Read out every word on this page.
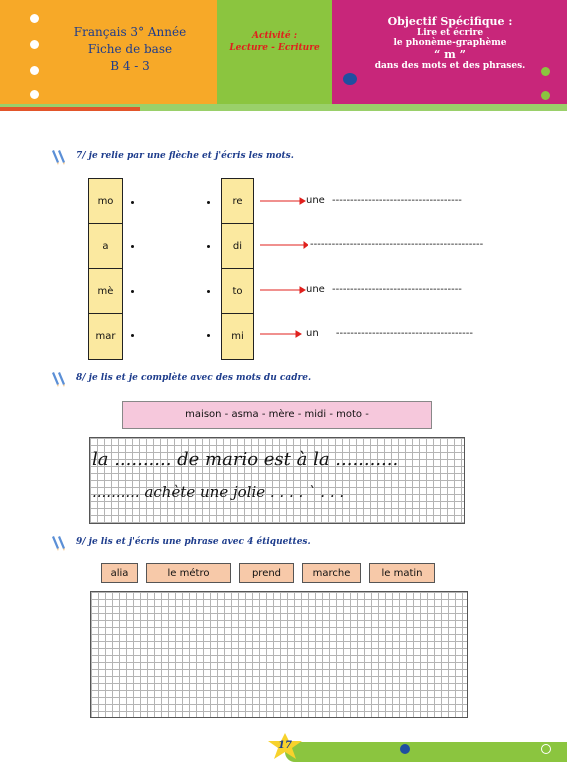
Français 3° Année
Fiche de base
B 4 - 3
Activité :
Lecture - Ecriture
Objectif Spécifique :
Lire et écrire
le phonème-graphème
“ m ”
dans des mots et des phrases.
7/ je relie par une flèche et j'écris les mots.
mo
a
mè
mar
re
di
to
mi
une ------------------------------------
------------------------------------------------
une ------------------------------------
un --------------------------------------
8/ je lis et je complète avec des mots du cadre.
maison - asma - mère - midi - moto -
la .......... de mario est à la ...........
.......... achète une jolie . . . . ` . . .
9/ je lis et j'écris une phrase avec 4 étiquettes.
alia	le métro	prend	marche	le matin
17
